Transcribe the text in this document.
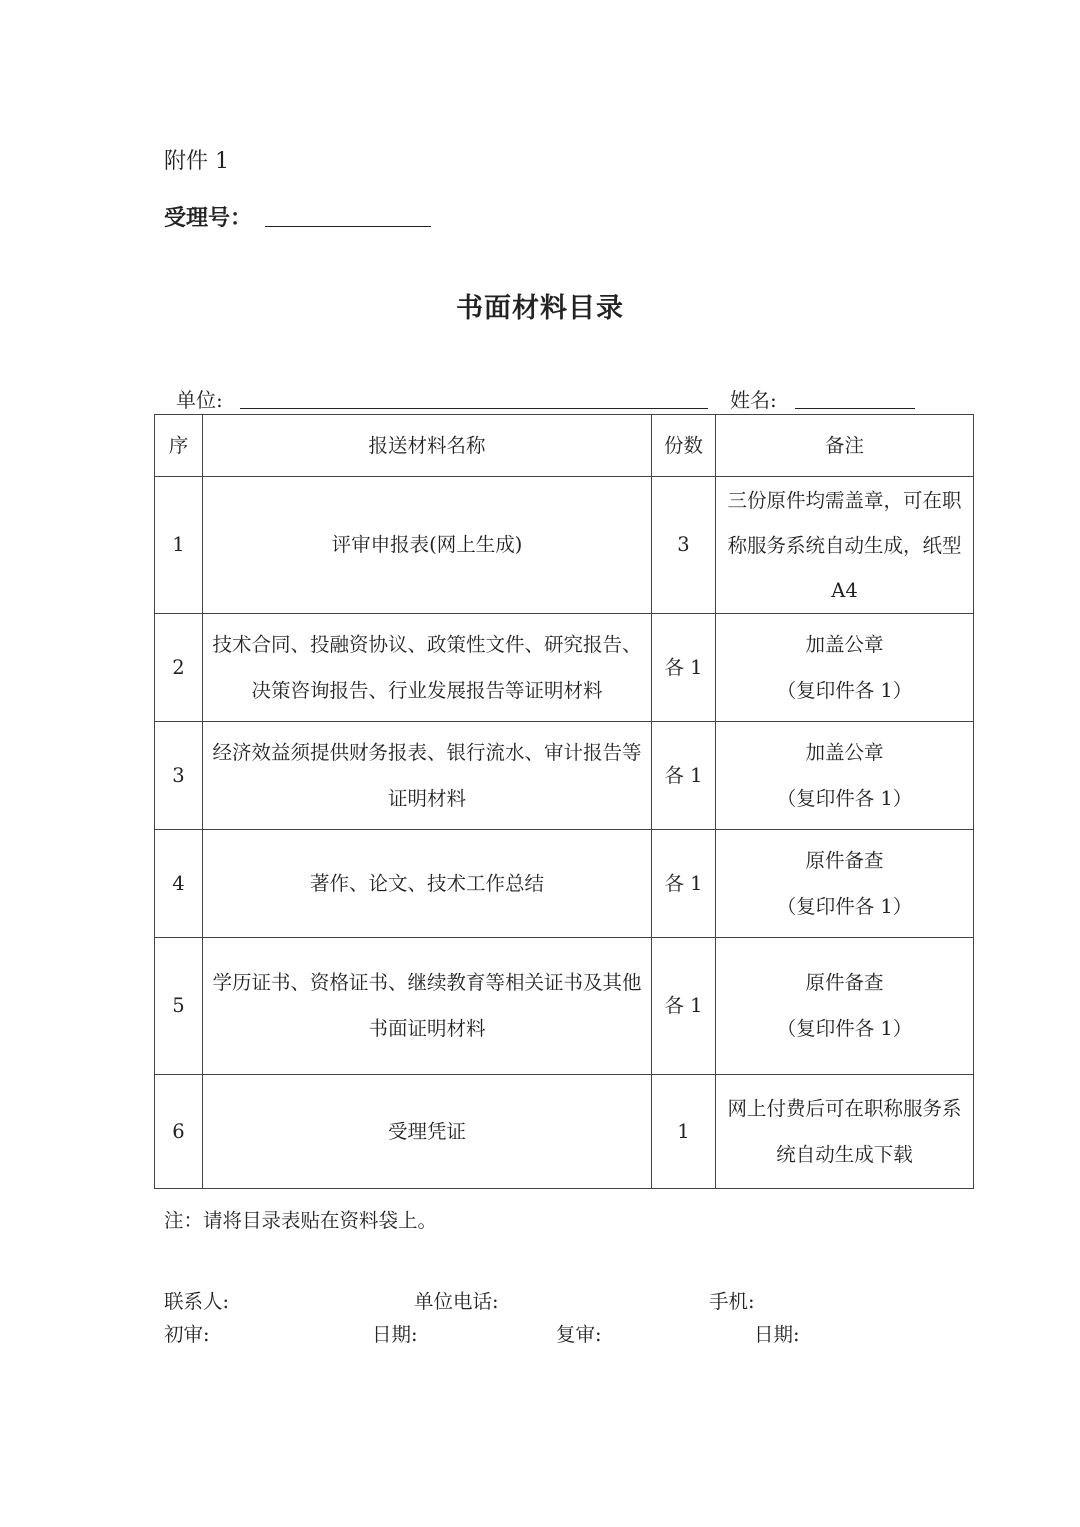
附件 1
受理号：
书面材料目录
单位:	姓名:
序	报送材料名称	份数	备注
1	评审申报表(网上生成)	3	三份原件均需盖章，可在职称服务系统自动生成，纸型 A4
2	技术合同、投融资协议、政策性文件、研究报告、决策咨询报告、行业发展报告等证明材料	各 1	加盖公章
（复印件各 1）

3	经济效益须提供财务报表、银行流水、审计报告等证明材料	各 1	加盖公章
（复印件各 1）

4	著作、论文、技术工作总结	各 1	原件备查
（复印件各 1）

5	学历证书、资格证书、继续教育等相关证书及其他书面证明材料	各 1	原件备查
（复印件各 1）

6	受理凭证	1	网上付费后可在职称服务系统自动生成下载
注：请将目录表贴在资料袋上。
联系人:	单位电话:	手机:
初审:	日期:	复审:	日期:
